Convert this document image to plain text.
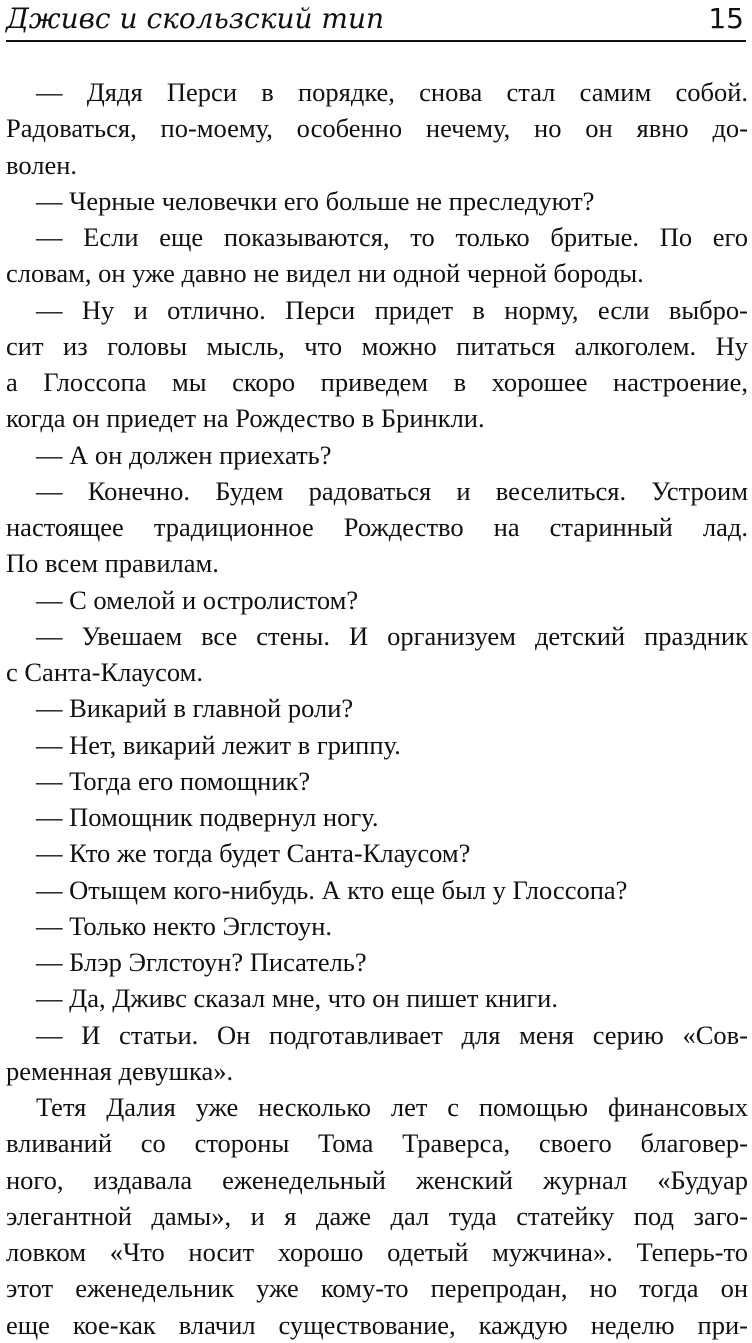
Дживс и скользский тип	15
— Дядя Перси в порядке, снова стал самим собой.
Радоваться, по-моему, особенно нечему, но он явно до-
волен.
— Черные человечки его больше не преследуют?
— Если еще показываются, то только бритые. По его
словам, он уже давно не видел ни одной черной бороды.
— Ну и отлично. Перси придет в норму, если выбро-
сит из головы мысль, что можно питаться алкоголем. Ну
а Глоссопа мы скоро приведем в хорошее настроение,
когда он приедет на Рождество в Бринкли.
— А он должен приехать?
— Конечно. Будем радоваться и веселиться. Устроим
настоящее традиционное Рождество на старинный лад.
По всем правилам.
— С омелой и остролистом?
— Увешаем все стены. И организуем детский праздник
с Санта-Клаусом.
— Викарий в главной роли?
— Нет, викарий лежит в гриппу.
— Тогда его помощник?
— Помощник подвернул ногу.
— Кто же тогда будет Санта-Клаусом?
— Отыщем кого-нибудь. А кто еще был у Глоссопа?
— Только некто Эглстоун.
— Блэр Эглстоун? Писатель?
— Да, Дживс сказал мне, что он пишет книги.
— И статьи. Он подготавливает для меня серию «Сов-
ременная девушка».
Тетя Далия уже несколько лет с помощью финансовых
вливаний со стороны Тома Траверса, своего благовер-
ного, издавала еженедельный женский журнал «Будуар
элегантной дамы», и я даже дал туда статейку под заго-
ловком «Что носит хорошо одетый мужчина». Теперь-то
этот еженедельник уже кому-то перепродан, но тогда он
еще кое-как влачил существование, каждую неделю при-
